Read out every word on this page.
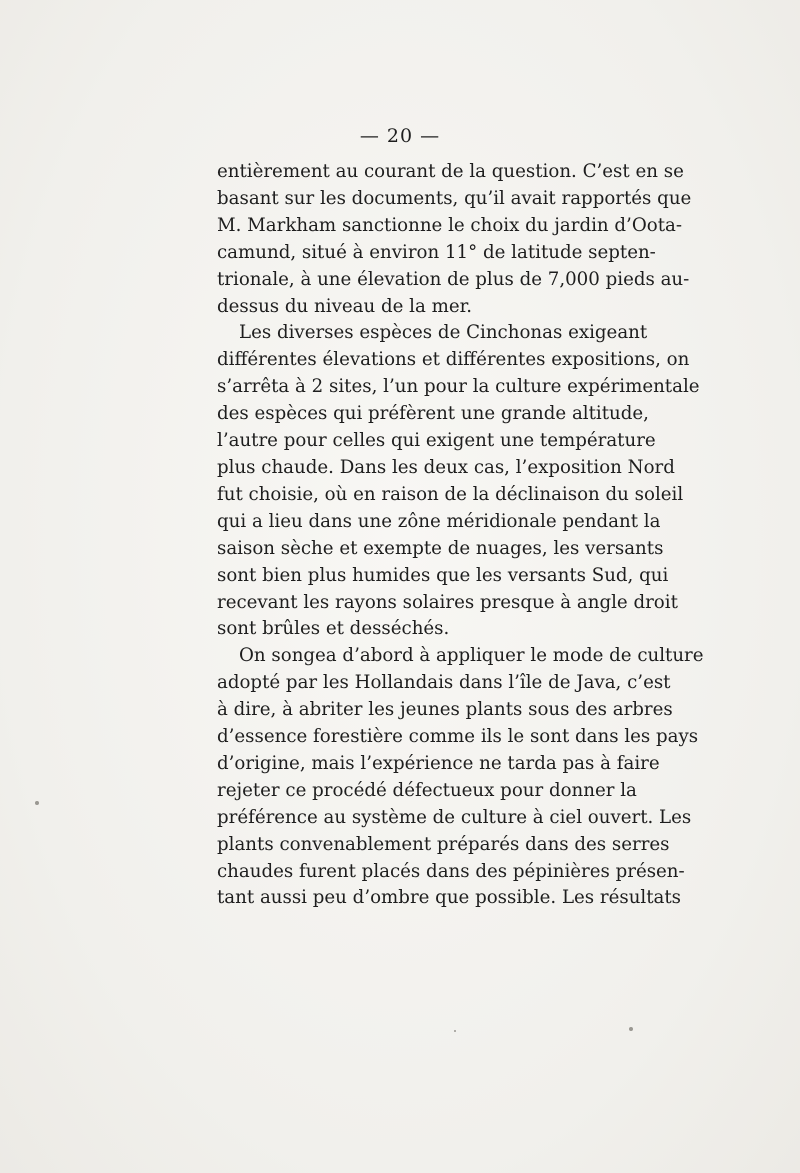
— 20 —
entièrement au courant de la question. C’est en se
basant sur les documents, qu’il avait rapportés que
M. Markham sanctionne le choix du jardin d’Oota-
camund, situé à environ 11° de latitude septen-
trionale, à une élevation de plus de 7,000 pieds au-
dessus du niveau de la mer.
Les diverses espèces de Cinchonas exigeant
différentes élevations et différentes expositions, on
s’arrêta à 2 sites, l’un pour la culture expérimentale
des espèces qui préfèrent une grande altitude,
l’autre pour celles qui exigent une température
plus chaude. Dans les deux cas, l’exposition Nord
fut choisie, où en raison de la déclinaison du soleil
qui a lieu dans une zône méridionale pendant la
saison sèche et exempte de nuages, les versants
sont bien plus humides que les versants Sud, qui
recevant les rayons solaires presque à angle droit
sont brûles et desséchés.
On songea d’abord à appliquer le mode de culture
adopté par les Hollandais dans l’île de Java, c’est
à dire, à abriter les jeunes plants sous des arbres
d’essence forestière comme ils le sont dans les pays
d’origine, mais l’expérience ne tarda pas à faire
rejeter ce procédé défectueux pour donner la
préférence au système de culture à ciel ouvert. Les
plants convenablement préparés dans des serres
chaudes furent placés dans des pépinières présen-
tant aussi peu d’ombre que possible. Les résultats
